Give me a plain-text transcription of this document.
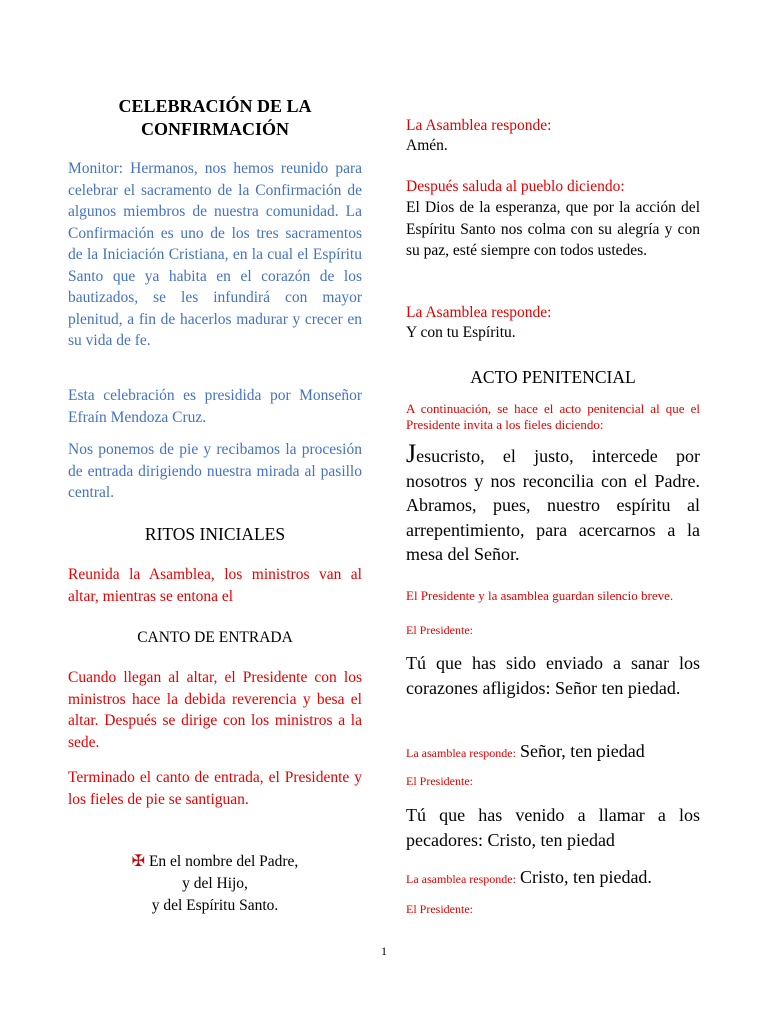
CELEBRACIÓN DE LA

CONFIRMACIÓN

Monitor: Hermanos, nos hemos reunido para celebrar el sacramento de la Confirmación de algunos miembros de nuestra comunidad. La Confirmación es uno de los tres sacramentos de la Iniciación Cristiana, en la cual el Espíritu Santo que ya habita en el corazón de los bautizados, se les infundirá con mayor plenitud, a fin de hacerlos madurar y crecer en su vida de fe.

Esta celebración es presidida por Monseñor Efraín Mendoza Cruz.

Nos ponemos de pie y recibamos la procesión de entrada dirigiendo nuestra mirada al pasillo central.

RITOS INICIALES

Reunida la Asamblea, los ministros van al altar, mientras se entona el

CANTO DE ENTRADA

Cuando llegan al altar, el Presidente con los ministros hace la debida reverencia y besa el altar. Después se dirige con los ministros a la sede.

Terminado el canto de entrada, el Presidente y los fieles de pie se santiguan.

✠ En el nombre del Padre,

y del Hijo,

y del Espíritu Santo.

La Asamblea responde:

Amén.

Después saluda al pueblo diciendo:

El Dios de la esperanza, que por la acción del Espíritu Santo nos colma con su alegría y con su paz, esté siempre con todos ustedes.

La Asamblea responde:

Y con tu Espíritu.

ACTO PENITENCIAL

A continuación, se hace el acto penitencial al que el Presidente invita a los fieles diciendo:

Jesucristo, el justo, intercede por nosotros y nos reconcilia con el Padre. Abramos, pues, nuestro espíritu al arrepentimiento, para acercarnos a la mesa del Señor.

El Presidente y la asamblea guardan silencio breve.

El Presidente:

Tú que has sido enviado a sanar los corazones afligidos: Señor ten piedad.

La asamblea responde: Señor, ten piedad

El Presidente:

Tú que has venido a llamar a los pecadores: Cristo, ten piedad

La asamblea responde: Cristo, ten piedad.

El Presidente:

1
